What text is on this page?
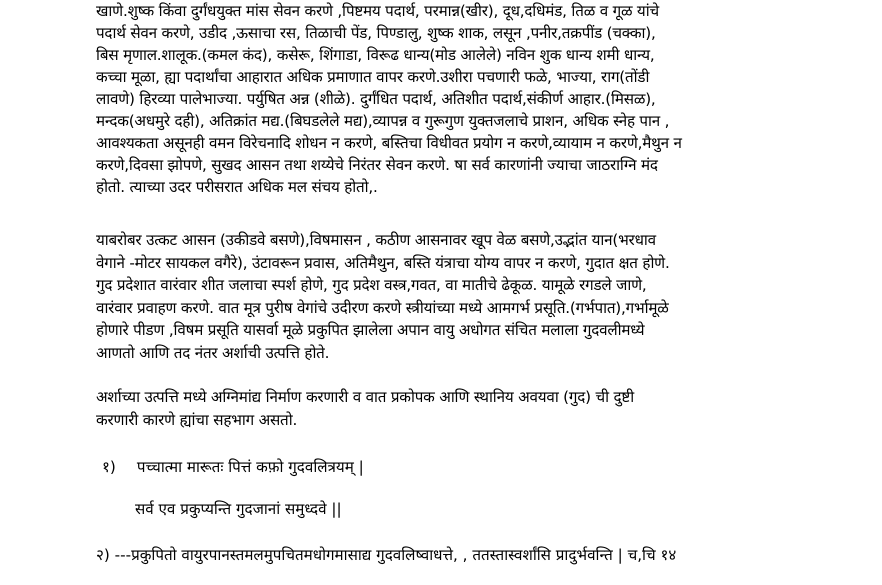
खाणे.शुष्क किंवा दुर्गंधयुक्त मांस सेवन करणे ,पिष्टमय पदार्थ, परमान्न(खीर), दूध,दधिमंड, तिळ व गूळ यांचे
पदार्थ सेवन करणे, उडीद ,ऊसाचा रस, तिळाची पेंड, पिण्डालु, शुष्क शाक, लसून ,पनीर,तक्रपींड (चक्का),
बिस मृणाल.शालूक.(कमल कंद), कसेरू, शिंगाडा, विरूढ धान्य(मोड आलेले) नविन शुक धान्य शमी धान्य,
कच्चा मूळा, ह्या पदार्थांचा आहारात अधिक प्रमाणात वापर करणे.उशीरा पचणारी फळे, भाज्या, राग(तोंडी
लावणे) हिरव्या पालेभाज्या. पर्युषित अन्न (शीळे). दुर्गंधित पदार्थ, अतिशीत पदार्थ,संकीर्ण आहार.(मिसळ),
मन्दक(अधमुरे दही), अतिक्रांत मद्य.(बिघडलेले मद्य),व्यापन्न व गुरूगुण युक्तजलाचे प्राशन, अधिक स्नेह पान ,
आवश्यकता असूनही वमन विरेचनादि शोधन न करणे, बस्तिचा विधीवत प्रयोग न करणे,व्यायाम न करणे,मैथुन न
करणे,दिवसा झोपणे, सुखद आसन तथा शय्येचे निरंतर सेवन करणे. षा सर्व कारणांनी ज्याचा जाठराग्नि मंद
होतो. त्याच्या उदर परीसरात अधिक मल संचय होतो,.
याबरोबर उत्कट आसन (उकीडवे बसणे),विषमासन , कठीण आसनावर खूप वेळ बसणे,उद्भांत यान(भरधाव
वेगाने -मोटर सायकल वगैरे), उंटावरून प्रवास, अतिमैथुन, बस्ति यंत्राचा योग्य वापर न करणे, गुदात क्षत होणे.
गुद प्रदेशात वारंवार शीत जलाचा स्पर्श होणे, गुद प्रदेश वस्त्र,गवत, वा मातीचे ढेकूळ. यामूळे रगडले जाणे,
वारंवार प्रवाहण करणे. वात मूत्र पुरीष वेगांचे उदीरण करणे स्त्रीयांच्या मध्ये आमगर्भ प्रसूति.(गर्भपात),गर्भामूळे
होणारे पीडण ,विषम प्रसूति यासर्वा मूळे प्रकुपित झालेला अपान वायु अधोगत संचित मलाला गुदवलीमध्ये
आणतो आणि तद नंतर अर्शाची उत्पत्ति होते.
अर्शाच्या उत्पत्ति मध्ये अग्निमांद्य निर्माण करणारी व वात प्रकोपक आणि स्थानिय अवयवा (गुद) ची दुष्टी
करणारी कारणे ह्यांचा सहभाग असतो.
१) पच्चात्मा मारूतः पित्तं कफ़ो गुदवलित्रयम् |
सर्व एव प्रकुप्यन्ति गुदजानां समुध्दवे ||
२) ---प्रकुपितो वायुरपानस्तमलमुपचितमधोगमासाद्य गुदवलिष्वाधत्ते, , ततस्तास्वर्शांसि प्रादुर्भवन्ति | च,चि १४
